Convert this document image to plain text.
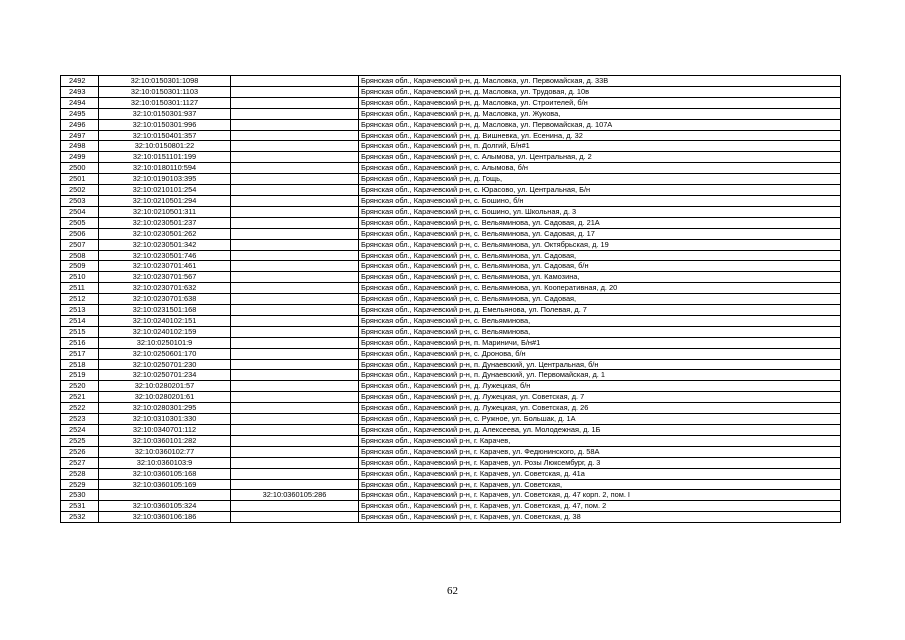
2492	32:10:0150301:1098		Брянская обл., Карачевский р-н, д. Масловка, ул. Первомайская, д. 33В
2493	32:10:0150301:1103		Брянская обл., Карачевский р-н, д. Масловка, ул. Трудовая, д. 10в
2494	32:10:0150301:1127		Брянская обл., Карачевский р-н, д. Масловка, ул. Строителей, б/н
2495	32:10:0150301:937		Брянская обл., Карачевский р-н, д. Масловка, ул. Жукова,
2496	32:10:0150301:996		Брянская обл., Карачевский р-н, д. Масловка, ул. Первомайская, д. 107А
2497	32:10:0150401:357		Брянская обл., Карачевский р-н, д. Вишневка, ул. Есенина, д. 32
2498	32:10:0150801:22		Брянская обл., Карачевский р-н, п. Долгий, Б/н#1
2499	32:10:0151101:199		Брянская обл., Карачевский р-н, с. Алымова, ул. Центральная, д. 2
2500	32:10:0180110:594		Брянская обл., Карачевский р-н, с. Алымова, б/н
2501	32:10:0190103:395		Брянская обл., Карачевский р-н, д. Гощь,
2502	32:10:0210101:254		Брянская обл., Карачевский р-н, с. Юрасово, ул. Центральная, Б/н
2503	32:10:0210501:294		Брянская обл., Карачевский р-н, с. Бошино, б/н
2504	32:10:0210501:311		Брянская обл., Карачевский р-н, с. Бошино, ул. Школьная, д. 3
2505	32:10:0230501:237		Брянская обл., Карачевский р-н, с. Вельяминова, ул. Садовая, д. 21А
2506	32:10:0230501:262		Брянская обл., Карачевский р-н, с. Вельяминова, ул. Садовая, д. 17
2507	32:10:0230501:342		Брянская обл., Карачевский р-н, с. Вельяминова, ул. Октябрьская, д. 19
2508	32:10:0230501:746		Брянская обл., Карачевский р-н, с. Вельяминова, ул. Садовая,
2509	32:10:0230701:461		Брянская обл., Карачевский р-н, с. Вельяминова, ул. Садовая, б/н
2510	32:10:0230701:567		Брянская обл., Карачевский р-н, с. Вельяминова, ул. Камозина,
2511	32:10:0230701:632		Брянская обл., Карачевский р-н, с. Вельяминова, ул. Кооперативная, д. 20
2512	32:10:0230701:638		Брянская обл., Карачевский р-н, с. Вельяминова, ул. Садовая,
2513	32:10:0231501:168		Брянская обл., Карачевский р-н, д. Емельянова, ул. Полевая, д. 7
2514	32:10:0240102:151		Брянская обл., Карачевский р-н, с. Вельяминова,
2515	32:10:0240102:159		Брянская обл., Карачевский р-н, с. Вельяминова,
2516	32:10:0250101:9		Брянская обл., Карачевский р-н, п. Мариничи, Б/н#1
2517	32:10:0250601:170		Брянская обл., Карачевский р-н, с. Дронова, б/н
2518	32:10:0250701:230		Брянская обл., Карачевский р-н, п. Дунаевский, ул. Центральная, б/н
2519	32:10:0250701:234		Брянская обл., Карачевский р-н, п. Дунаевский, ул. Первомайская, д. 1
2520	32:10:0280201:57		Брянская обл., Карачевский р-н, д. Лужецкая, б/н
2521	32:10:0280201:61		Брянская обл., Карачевский р-н, д. Лужецкая, ул. Советская, д. 7
2522	32:10:0280301:295		Брянская обл., Карачевский р-н, д. Лужецкая, ул. Советская, д. 26
2523	32:10:0310301:330		Брянская обл., Карачевский р-н, с. Ружное, ул. Большак, д. 1А
2524	32:10:0340701:112		Брянская обл., Карачевский р-н, д. Алексеева, ул. Молодежная, д. 1Б
2525	32:10:0360101:282		Брянская обл., Карачевский р-н, г. Карачев,
2526	32:10:0360102:77		Брянская обл., Карачевский р-н, г. Карачев, ул. Федюнинского, д. 58А
2527	32:10:0360103:9		Брянская обл., Карачевский р-н, г. Карачев, ул. Розы Люксембург, д. 3
2528	32:10:0360105:168		Брянская обл., Карачевский р-н, г. Карачев, ул. Советская, д. 41а
2529	32:10:0360105:169		Брянская обл., Карачевский р-н, г. Карачев, ул. Советская,
2530		32:10:0360105:286	Брянская обл., Карачевский р-н, г. Карачев, ул. Советская, д. 47 корп. 2, пом. I
2531	32:10:0360105:324		Брянская обл., Карачевский р-н, г. Карачев, ул. Советская, д. 47, пом. 2
2532	32:10:0360106:186		Брянская обл., Карачевский р-н, г. Карачев, ул. Советская, д. 38
62
